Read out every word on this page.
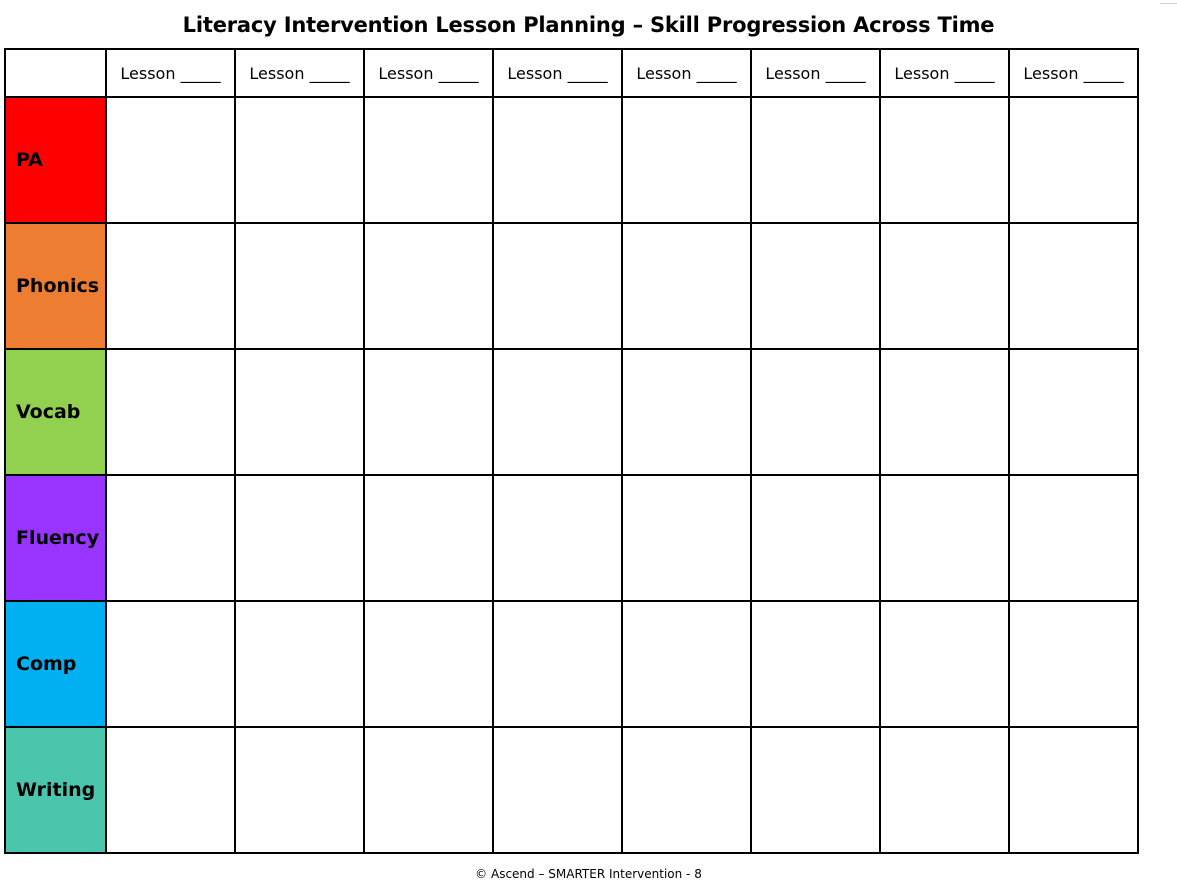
Literacy Intervention Lesson Planning – Skill Progression Across Time
	Lesson _____	Lesson _____	Lesson _____	Lesson _____	Lesson _____	Lesson _____	Lesson _____	Lesson _____
PA								
Phonics								
Vocab								
Fluency								
Comp								
Writing								
© Ascend – SMARTER Intervention - 8
